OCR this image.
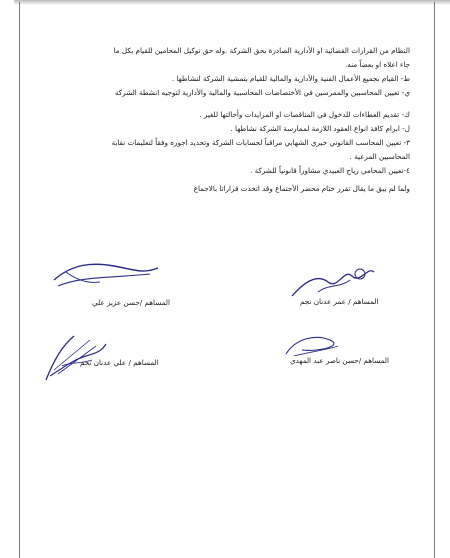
النظام من القرارات القضائية او الأدارية الصادرة بحق الشركة .وله حق توكيل المحامين للقيام بكل ما
جاء اعلاه او بعضاً منه.
ط- القيام بجميع الأعمال الفنية والأدارية والمالية للقيام بتمشية الشركة لنشاطها .
ي- تعيين المحاسبين والممرسين في الأختصاصات المحاسبية والمالية والأدارية لتوجيه انشطة الشركة
ك- تقديم العطاءات للدخول في المناقصات او المزايدات وأحالتها للغير .
ل- ابرام كافة انواع العقود اللازمة لممارسة الشركة نشاطها .
٣- تعيين المحاسب القانوني خيري الشهابي مراقباً لحسابات الشركة وتحديد اجوره وفقاً لتعليمات نقابة
المحاسبين المرعية .
٤-تعيين المحامي رياح العبيدي مشاوراً قانونياً للشركة .
ولما لم يبق ما يقال تقرر ختام محضر الأجتماع وقد اتخذت قراراتا بالاجماع
المساهم /حسن عزيز علي	المساهم / عمر عدنان نجم
المساهم / علي عدنان نجم	المساهم /حسن ناصر عبد المهدي
